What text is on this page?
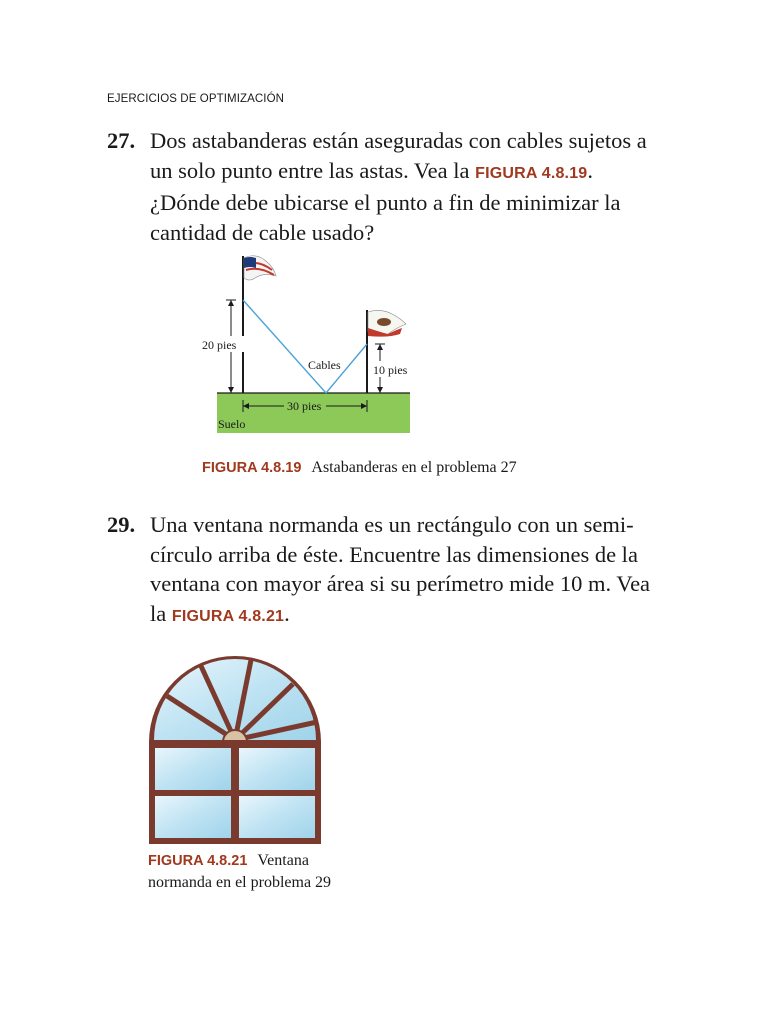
EJERCICIOS DE OPTIMIZACIÓN
27. Dos astabanderas están aseguradas con cables sujetos a un solo punto entre las astas. Vea la FIGURA 4.8.19. ¿Dónde debe ubicarse el punto a fin de minimizar la cantidad de cable usado?
20 pies
10 pies
Cables
30 pies
Suelo
FIGURA 4.8.19 Astabanderas en el problema 27
29. Una ventana normanda es un rectángulo con un semi-círculo arriba de éste. Encuentre las dimensiones de la ventana con mayor área si su perímetro mide 10 m. Vea la FIGURA 4.8.21.
FIGURA 4.8.21 Ventana
normanda en el problema 29
